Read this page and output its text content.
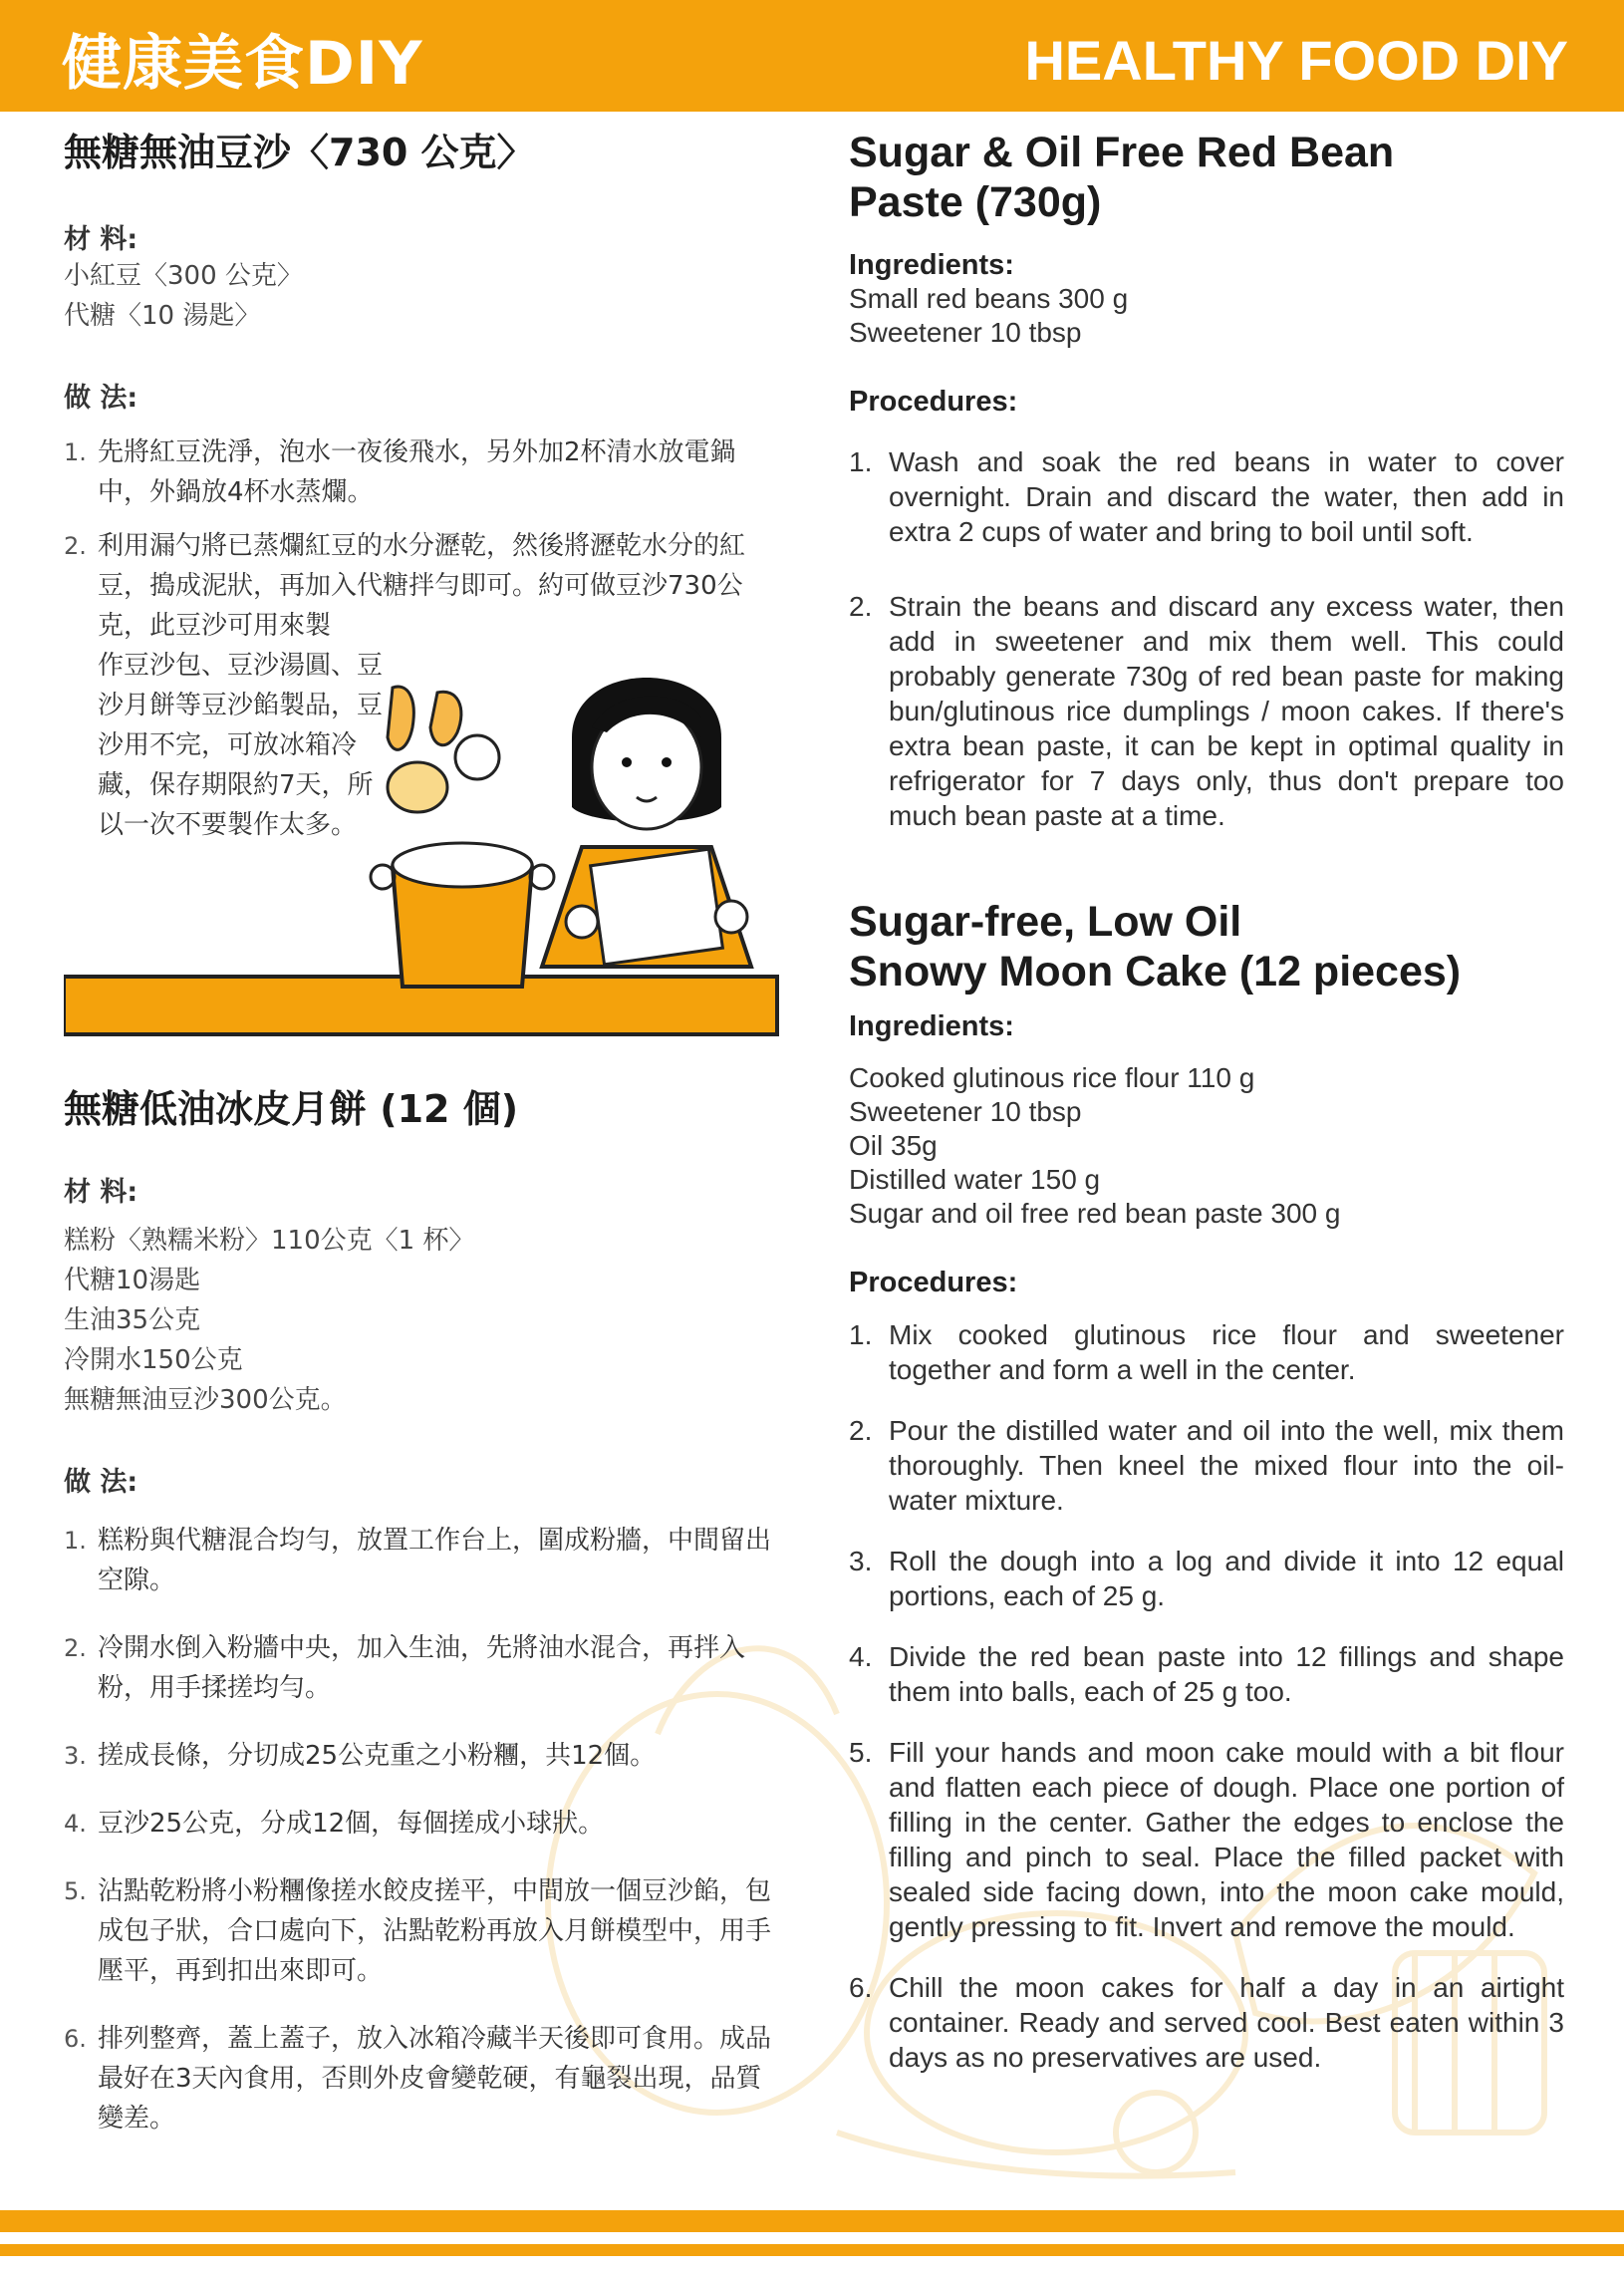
健康美食DIY	HEALTHY FOOD DIY
無糖無油豆沙〈730 公克〉

材 料:

小紅豆〈300 公克〉

代糖〈10 湯匙〉

做 法:

1. 先將紅豆洗淨，泡水一夜後飛水，另外加2杯清水放電鍋中，外鍋放4杯水蒸爛。
2. 利用漏勺將已蒸爛紅豆的水分瀝乾，然後將瀝乾水分的紅豆，搗成泥狀，再加入代糖拌勻即可。約可做豆沙730公克，此豆沙可用來製
作豆沙包、豆沙湯圓、豆沙月餅等豆沙餡製品，豆沙用不完，可放冰箱冷藏，保存期限約7天，所以一次不要製作太多。
無糖低油冰皮月餅 (12 個)

材 料:

糕粉〈熟糯米粉〉110公克〈1 杯〉

代糖10湯匙

生油35公克

冷開水150公克

無糖無油豆沙300公克。

做 法:

1. 糕粉與代糖混合均勻，放置工作台上，圍成粉牆，中間留出空隙。
2. 冷開水倒入粉牆中央，加入生油，先將油水混合，再拌入粉，用手揉搓均勻。
3. 搓成長條，分切成25公克重之小粉糰，共12個。
4. 豆沙25公克，分成12個，每個搓成小球狀。
5. 沾點乾粉將小粉糰像搓水餃皮搓平，中間放一個豆沙餡，包成包子狀，合口處向下，沾點乾粉再放入月餅模型中，用手壓平，再到扣出來即可。
6. 排列整齊，蓋上蓋子，放入冰箱冷藏半天後即可食用。成品最好在3天內食用，否則外皮會變乾硬，有龜裂出現，品質變差。
Sugar & Oil Free Red Bean
Paste (730g)

Ingredients:

Small red beans 300 g

Sweetener 10 tbsp

Procedures:

1. Wash and soak the red beans in water to cover overnight. Drain and discard the water, then add in extra 2 cups of water and bring to boil until soft.
2. Strain the beans and discard any excess water, then add in sweetener and mix them well. This could probably generate 730g of red bean paste for making bun/glutinous rice dumplings / moon cakes. If there's extra bean paste, it can be kept in optimal quality in refrigerator for 7 days only, thus don't prepare too much bean paste at a time.
Sugar-free, Low Oil
Snowy Moon Cake (12 pieces)

Ingredients:

Cooked glutinous rice flour 110 g

Sweetener 10 tbsp

Oil 35g

Distilled water 150 g

Sugar and oil free red bean paste 300 g

Procedures:

1. Mix cooked glutinous rice flour and sweetener together and form a well in the center.
2. Pour the distilled water and oil into the well, mix them thoroughly. Then kneel the mixed flour into the oil-water mixture.
3. Roll the dough into a log and divide it into 12 equal portions, each of 25 g.
4. Divide the red bean paste into 12 fillings and shape them into balls, each of 25 g too.
5. Fill your hands and moon cake mould with a bit flour and flatten each piece of dough. Place one portion of filling in the center. Gather the edges to enclose the filling and pinch to seal. Place the filled packet with sealed side facing down, into the moon cake mould, gently pressing to fit. Invert and remove the mould.
6. Chill the moon cakes for half a day in an airtight container. Ready and served cool. Best eaten within 3 days as no preservatives are used.
